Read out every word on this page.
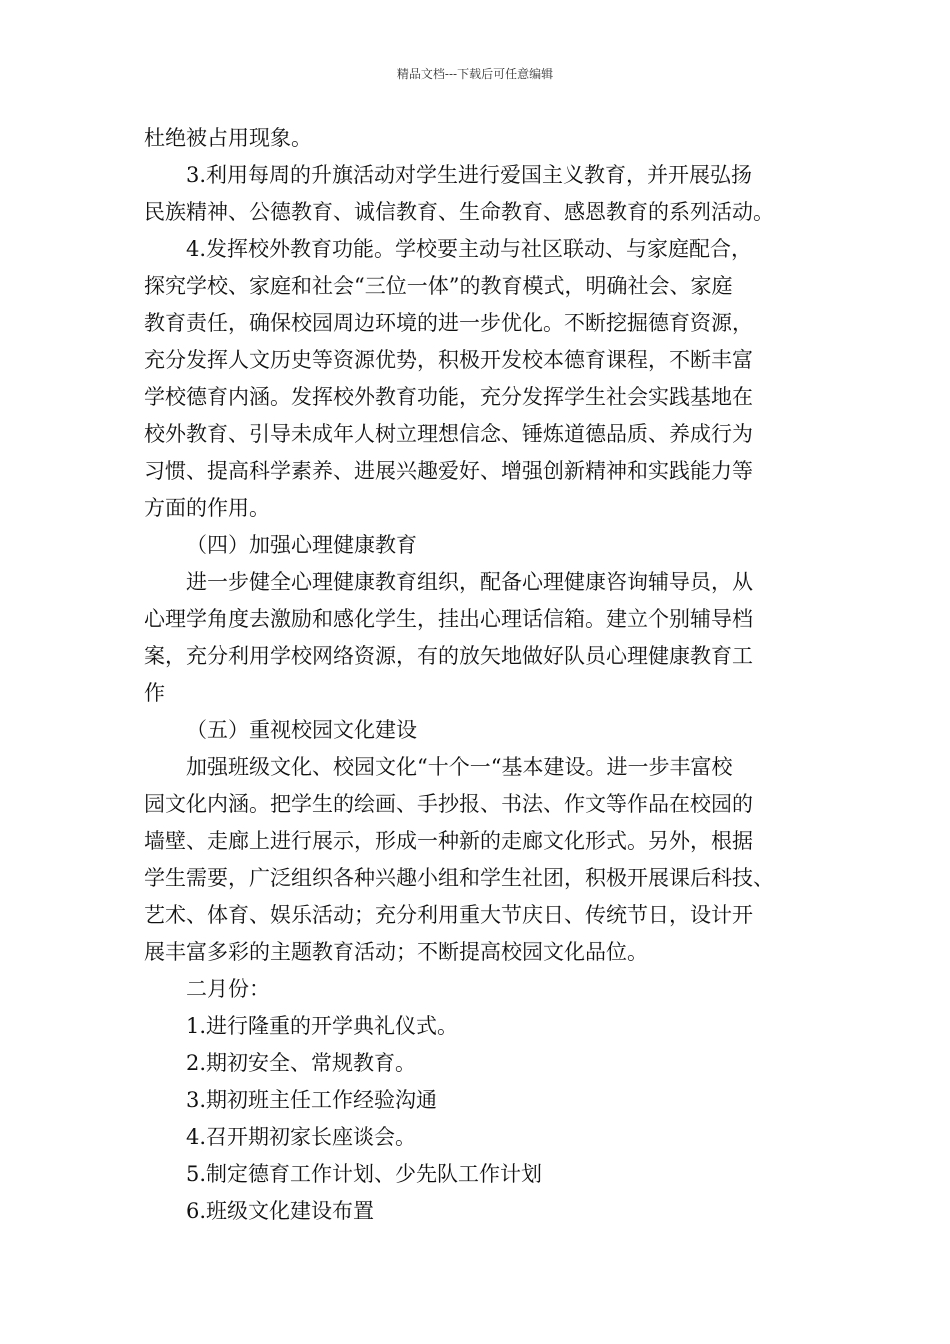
精品文档---下载后可任意编辑
杜绝被占用现象。
3.利用每周的升旗活动对学生进行爱国主义教育，并开展弘扬
民族精神、公德教育、诚信教育、生命教育、感恩教育的系列活动。
4.发挥校外教育功能。学校要主动与社区联动、与家庭配合，
探究学校、家庭和社会“三位一体”的教育模式，明确社会、家庭
教育责任，确保校园周边环境的进一步优化。不断挖掘德育资源，
充分发挥人文历史等资源优势，积极开发校本德育课程，不断丰富
学校德育内涵。发挥校外教育功能，充分发挥学生社会实践基地在
校外教育、引导未成年人树立理想信念、锤炼道德品质、养成行为
习惯、提高科学素养、进展兴趣爱好、增强创新精神和实践能力等
方面的作用。
（四）加强心理健康教育
进一步健全心理健康教育组织，配备心理健康咨询辅导员，从
心理学角度去激励和感化学生，挂出心理话信箱。建立个别辅导档
案，充分利用学校网络资源，有的放矢地做好队员心理健康教育工
作
（五）重视校园文化建设
加强班级文化、校园文化“十个一“基本建设。进一步丰富校
园文化内涵。把学生的绘画、手抄报、书法、作文等作品在校园的
墙壁、走廊上进行展示，形成一种新的走廊文化形式。另外，根据
学生需要，广泛组织各种兴趣小组和学生社团，积极开展课后科技、
艺术、体育、娱乐活动；充分利用重大节庆日、传统节日，设计开
展丰富多彩的主题教育活动；不断提高校园文化品位。
二月份：
1.进行隆重的开学典礼仪式。
2.期初安全、常规教育。
3.期初班主任工作经验沟通
4.召开期初家长座谈会。
5.制定德育工作计划、少先队工作计划
6.班级文化建设布置
